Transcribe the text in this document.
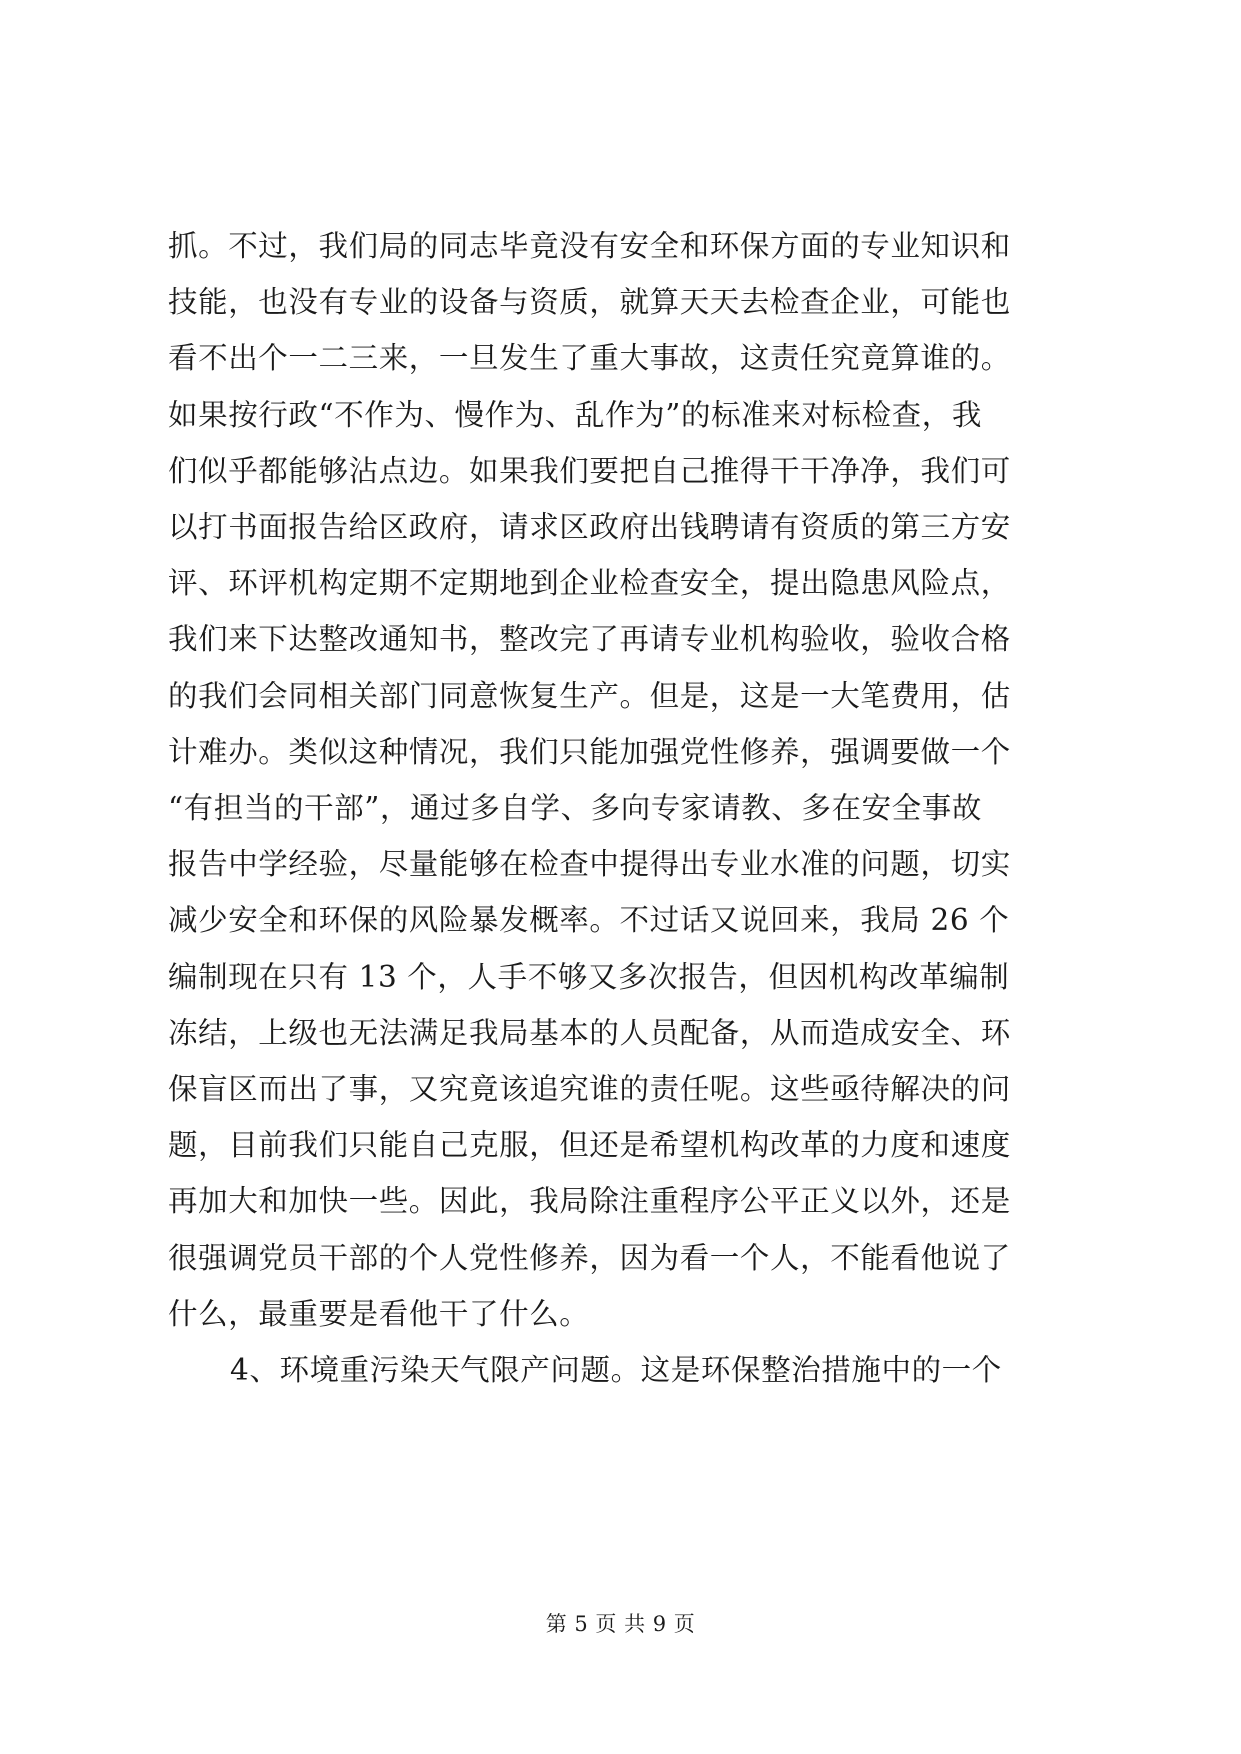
抓。不过，我们局的同志毕竟没有安全和环保方面的专业知识和
技能，也没有专业的设备与资质，就算天天去检查企业，可能也
看不出个一二三来，一旦发生了重大事故，这责任究竟算谁的。
如果按行政“不作为、慢作为、乱作为”的标准来对标检查，我
们似乎都能够沾点边。如果我们要把自己推得干干净净，我们可
以打书面报告给区政府，请求区政府出钱聘请有资质的第三方安
评、环评机构定期不定期地到企业检查安全，提出隐患风险点，
我们来下达整改通知书，整改完了再请专业机构验收，验收合格
的我们会同相关部门同意恢复生产。但是，这是一大笔费用，估
计难办。类似这种情况，我们只能加强党性修养，强调要做一个
“有担当的干部”，通过多自学、多向专家请教、多在安全事故
报告中学经验，尽量能够在检查中提得出专业水准的问题，切实
减少安全和环保的风险暴发概率。不过话又说回来，我局 26 个
编制现在只有 13 个，人手不够又多次报告，但因机构改革编制
冻结，上级也无法满足我局基本的人员配备，从而造成安全、环
保盲区而出了事，又究竟该追究谁的责任呢。这些亟待解决的问
题，目前我们只能自己克服，但还是希望机构改革的力度和速度
再加大和加快一些。因此，我局除注重程序公平正义以外，还是
很强调党员干部的个人党性修养，因为看一个人，不能看他说了
什么，最重要是看他干了什么。
4、环境重污染天气限产问题。这是环保整治措施中的一个
第 5 页 共 9 页
